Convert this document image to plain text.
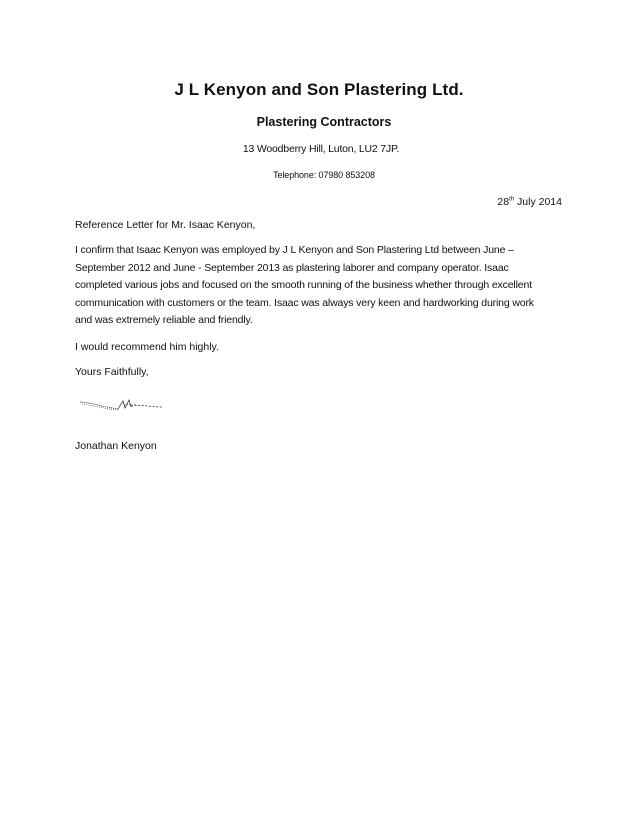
J L Kenyon and Son Plastering Ltd.
Plastering Contractors
13 Woodberry Hill, Luton, LU2 7JP.
Telephone: 07980 853208
28th July 2014
Reference Letter for Mr. Isaac Kenyon,
I confirm that Isaac Kenyon was employed by J L Kenyon and Son Plastering Ltd between June –
September 2012 and June - September 2013 as plastering laborer and company operator. Isaac
completed various jobs and focused on the smooth running of the business whether through excellent
communication with customers or the team. Isaac was always very keen and hardworking during work
and was extremely reliable and friendly.
I would recommend him highly.
Yours Faithfully,
Jonathan Kenyon
